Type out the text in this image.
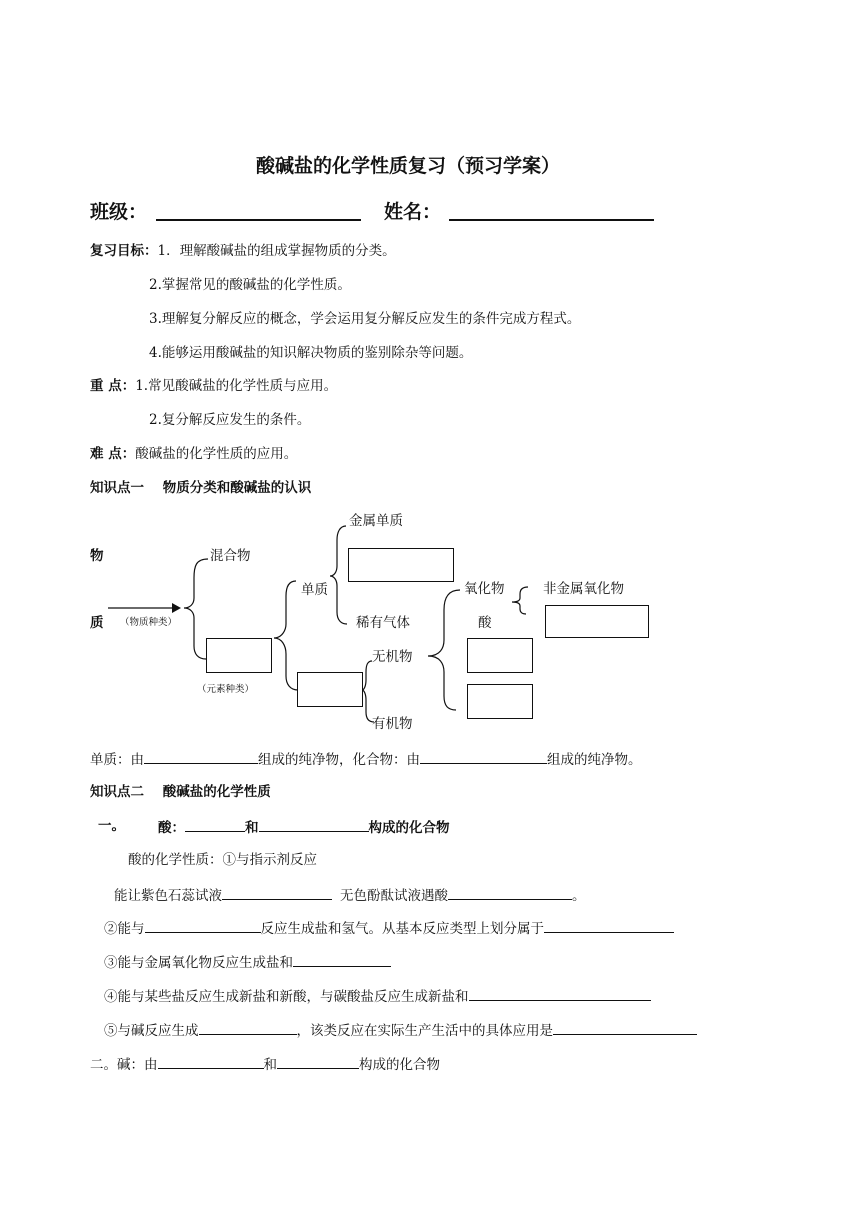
酸碱盐的化学性质复习（预习学案）
班级：	姓名：
复习目标：1．理解酸碱盐的组成掌握物质的分类。
2.掌握常见的酸碱盐的化学性质。
3.理解复分解反应的概念，学会运用复分解反应发生的条件完成方程式。
4.能够运用酸碱盐的知识解决物质的鉴别除杂等问题。
重 点：1.常见酸碱盐的化学性质与应用。
2.复分解反应发生的条件。
难 点：酸碱盐的化学性质的应用。
知识点一    物质分类和酸碱盐的认识
物
质 （物质种类）
混合物
（元素种类）
单质
金属单质
稀有气体
无机物
有机物
氧化物	非金属氧化物
酸
单质：由	组成的纯净物，化合物：由	组成的纯净物。
知识点二    酸碱盐的化学性质
一。 酸：	和	构成的化合物
酸的化学性质：①与指示剂反应
能让紫色石蕊试液	无色酚酞试液遇酸	。
②能与	反应生成盐和氢气。从基本反应类型上划分属于
③能与金属氧化物反应生成盐和
④能与某些盐反应生成新盐和新酸，与碳酸盐反应生成新盐和
⑤与碱反应生成	，该类反应在实际生产生活中的具体应用是
二。碱：由	和	构成的化合物
